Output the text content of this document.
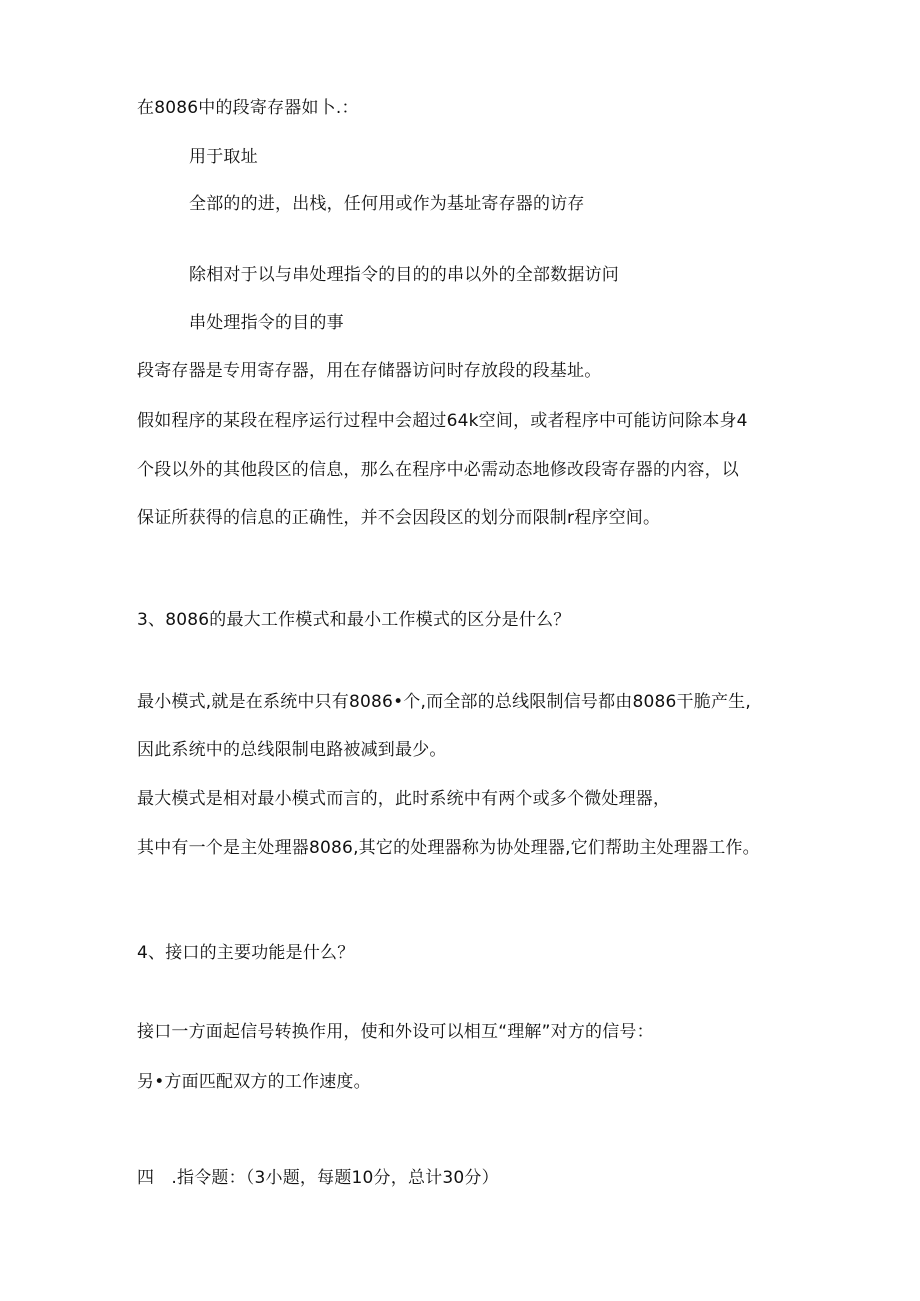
在8086中的段寄存器如卜.：
用于取址
全部的的进，出栈，任何用或作为基址寄存器的访存
除相对于以与串处理指令的目的的串以外的全部数据访问
串处理指令的目的事
段寄存器是专用寄存器，用在存储器访问时存放段的段基址。
假如程序的某段在程序运行过程中会超过64k空间，或者程序中可能访问除本身4
个段以外的其他段区的信息，那么在程序中必需动态地修改段寄存器的内容，以
保证所获得的信息的正确性，并不会因段区的划分而限制r程序空间。
3、8086的最大工作模式和最小工作模式的区分是什么？
最小模式,就是在系统中只有8086•个,而全部的总线限制信号都由8086干脆产生,
因此系统中的总线限制电路被减到最少。
最大模式是相对最小模式而言的，此时系统中有两个或多个微处理器，
其中有一个是主处理器8086,其它的处理器称为协处理器,它们帮助主处理器工作。
4、接口的主要功能是什么？
接口一方面起信号转换作用，使和外设可以相互“理解”对方的信号：
另•方面匹配双方的工作速度。
四　.指令题：（3小题，每题10分，总计30分）
